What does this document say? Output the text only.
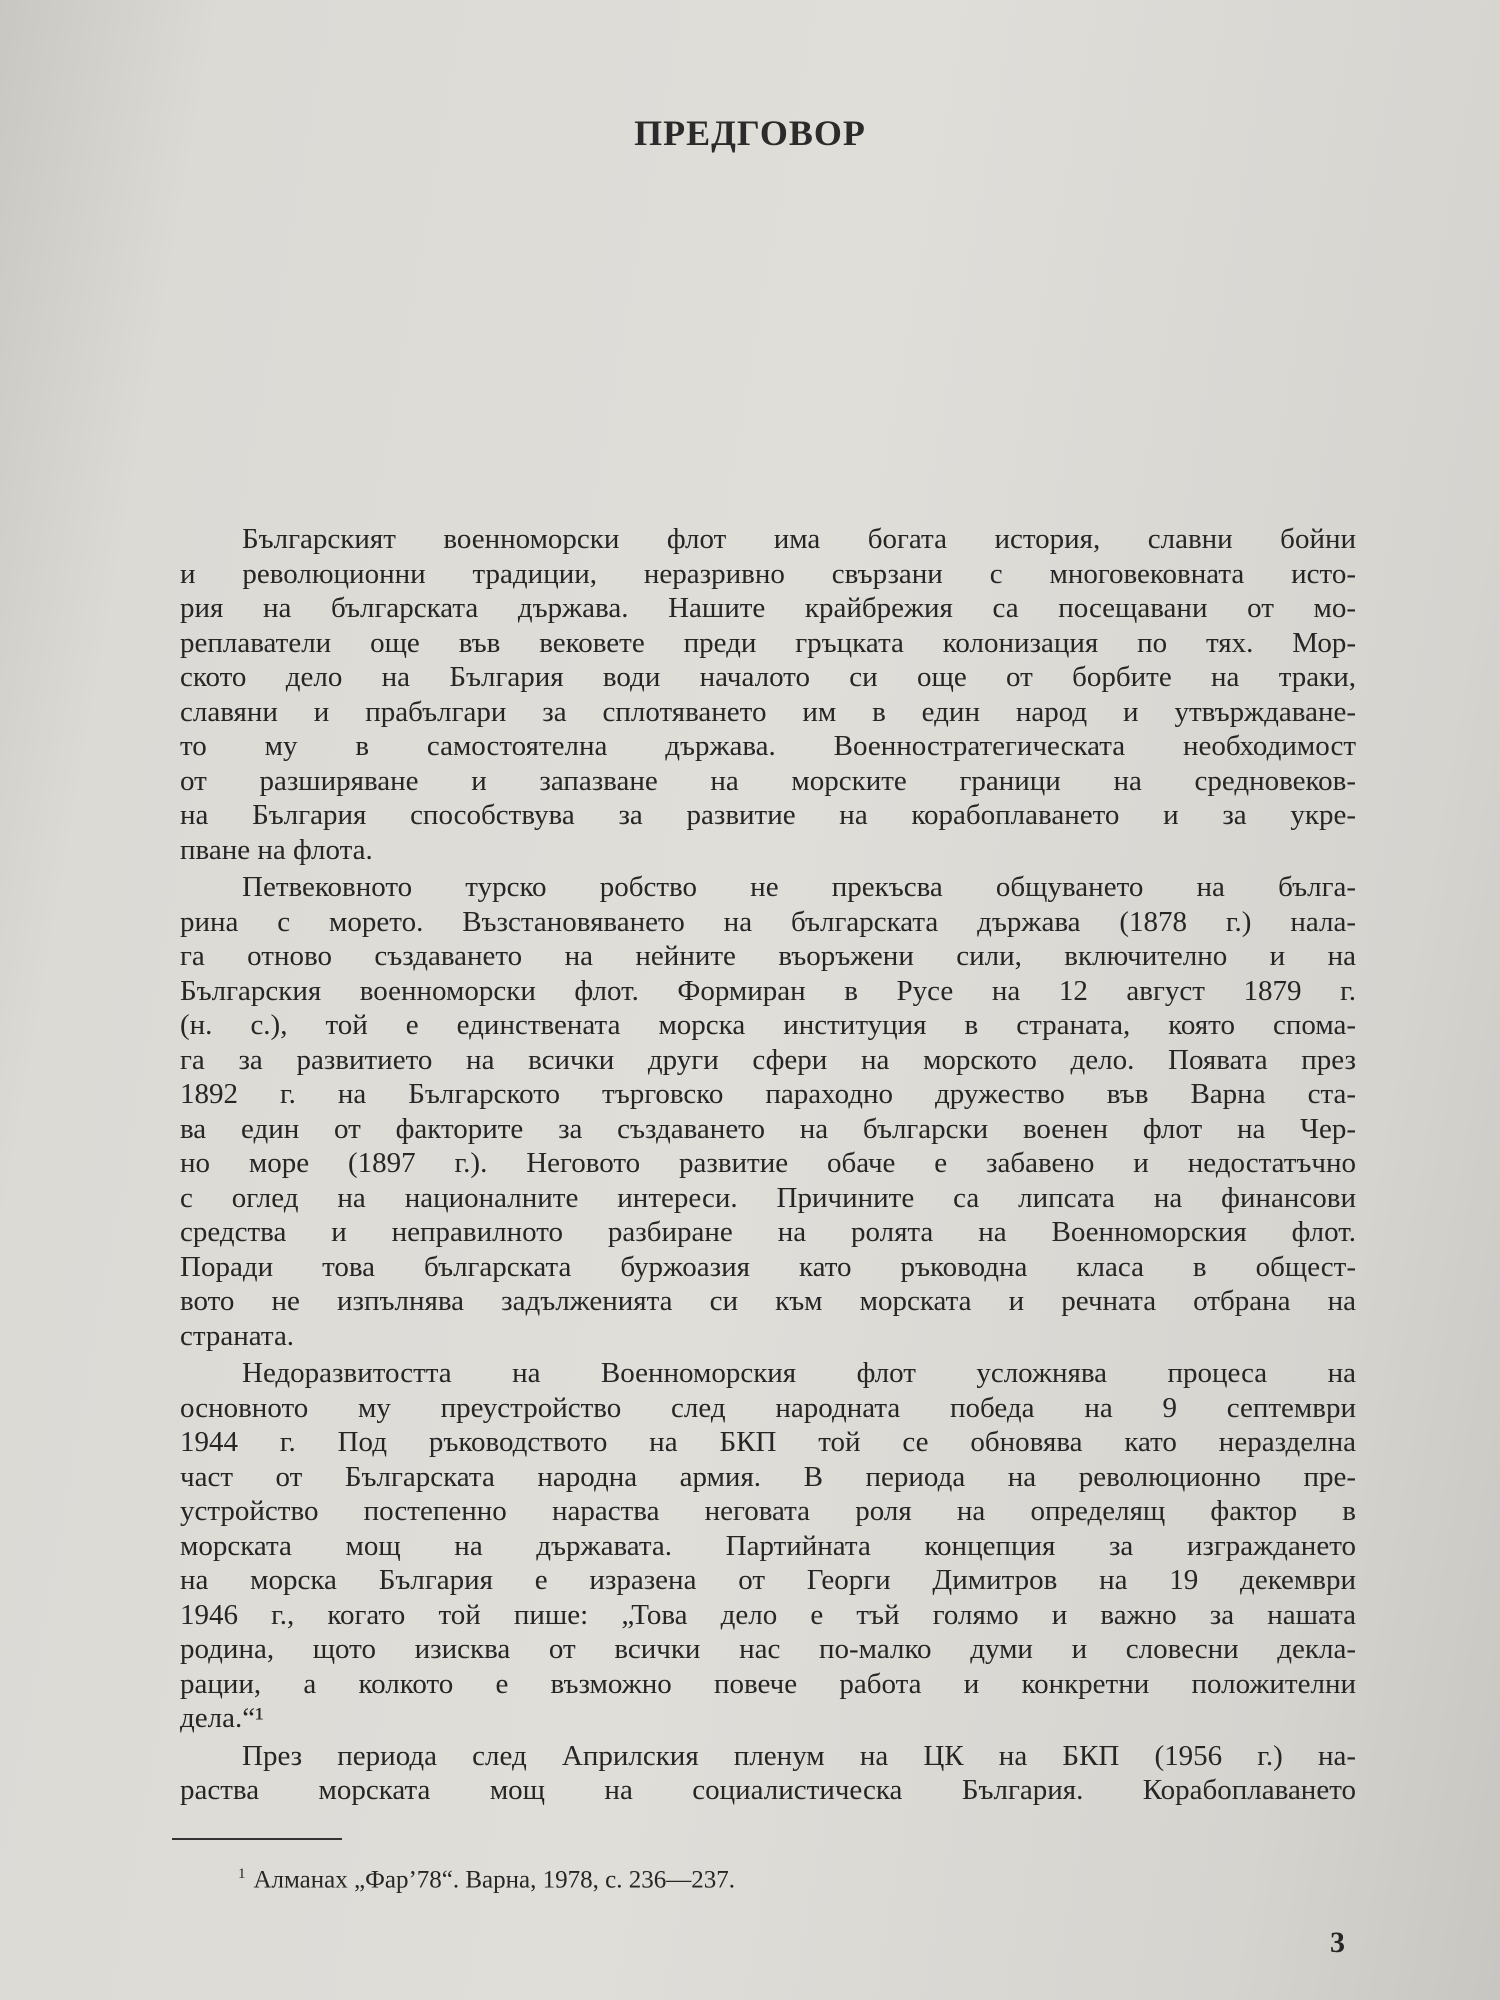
ПРЕДГОВОР
Българският военноморски флот има богата история, славни бойни
и революционни традиции, неразривно свързани с многовековната исто-
рия на българската държава. Нашите крайбрежия са посещавани от мо-
реплаватели още във вековете преди гръцката колонизация по тях. Мор-
ското дело на България води началото си още от борбите на траки,
славяни и прабългари за сплотяването им в един народ и утвърждаване-
то му в самостоятелна държава. Военностратегическата необходимост
от разширяване и запазване на морските граници на средновеков-
на България способствува за развитие на корабоплаването и за укре-
пване на флота.
Петвековното турско робство не прекъсва общуването на бълга-
рина с морето. Възстановяването на българската държава (1878 г.) нала-
га отново създаването на нейните въоръжени сили, включително и на
Българския военноморски флот. Формиран в Русе на 12 август 1879 г.
(н. с.), той е единствената морска институция в страната, която спома-
га за развитието на всички други сфери на морското дело. Появата през
1892 г. на Българското търговско параходно дружество във Варна ста-
ва един от факторите за създаването на български военен флот на Чер-
но море (1897 г.). Неговото развитие обаче е забавено и недостатъчно
с оглед на националните интереси. Причините са липсата на финансови
средства и неправилното разбиране на ролята на Военноморския флот.
Поради това българската буржоазия като ръководна класа в общест-
вото не изпълнява задълженията си към морската и речната отбрана на
страната.
Недоразвитостта на Военноморския флот усложнява процеса на
основното му преустройство след народната победа на 9 септември
1944 г. Под ръководството на БКП той се обновява като неразделна
част от Българската народна армия. В периода на революционно пре-
устройство постепенно нараства неговата роля на определящ фактор в
морската мощ на държавата. Партийната концепция за изграждането
на морска България е изразена от Георги Димитров на 19 декември
1946 г., когато той пише: „Това дело е тъй голямо и важно за нашата
родина, щото изисква от всички нас по-малко думи и словесни декла-
рации, а колкото е възможно повече работа и конкретни положителни
дела.“¹
През периода след Априлския пленум на ЦК на БКП (1956 г.) на-
раства морската мощ на социалистическа България. Корабоплаването
$^1$ Алманах „Фар’78“. Варна, 1978, с. 236—237.
3
